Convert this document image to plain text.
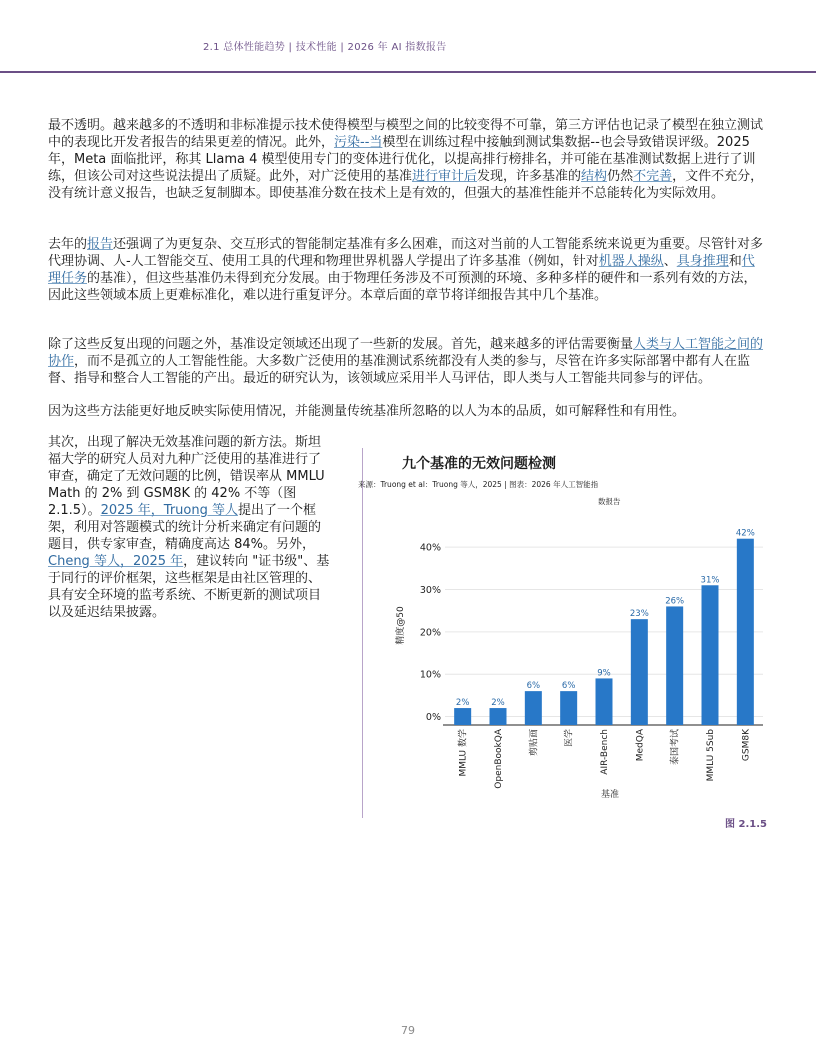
2.1 总体性能趋势 | 技术性能 | 2026 年 AI 指数报告

最不透明。越来越多的不透明和非标准提示技术使得模型与模型之间的比较变得不可靠，第三方评估也记录了模型在独立测试中的表现比开发者报告的结果更差的情况。此外，污染--当模型在训练过程中接触到测试集数据--也会导致错误评级。2025 年，Meta 面临批评，称其 Llama 4 模型使用专门的变体进行优化，以提高排行榜排名，并可能在基准测试数据上进行了训练，但该公司对这些说法提出了质疑。此外，对广泛使用的基准进行审计后发现，许多基准的结构仍然不完善，文件不充分，没有统计意义报告，也缺乏复制脚本。即使基准分数在技术上是有效的，但强大的基准性能并不总能转化为实际效用。

去年的报告还强调了为更复杂、交互形式的智能制定基准有多么困难，而这对当前的人工智能系统来说更为重要。尽管针对多代理协调、人-人工智能交互、使用工具的代理和物理世界机器人学提出了许多基准（例如，针对机器人操纵、具身推理和代理任务的基准），但这些基准仍未得到充分发展。由于物理任务涉及不可预测的环境、多种多样的硬件和一系列有效的方法，因此这些领域本质上更难标准化，难以进行重复评分。本章后面的章节将详细报告其中几个基准。

除了这些反复出现的问题之外，基准设定领域还出现了一些新的发展。首先，越来越多的评估需要衡量人类与人工智能之间的协作，而不是孤立的人工智能性能。大多数广泛使用的基准测试系统都没有人类的参与，尽管在许多实际部署中都有人在监督、指导和整合人工智能的产出。最近的研究认为，该领域应采用半人马评估，即人类与人工智能共同参与的评估。

因为这些方法能更好地反映实际使用情况，并能测量传统基准所忽略的以人为本的品质，如可解释性和有用性。

其次，出现了解决无效基准问题的新方法。斯坦福大学的研究人员对九种广泛使用的基准进行了审查，确定了无效问题的比例，错误率从 MMLU Math 的 2% 到 GSM8K 的 42% 不等（图 2.1.5）。2025 年，Truong 等人提出了一个框架，利用对答题模式的统计分析来确定有问题的题目，供专家审查，精确度高达 84%。另外，Cheng 等人，2025 年，建议转向 "证书级"、基于同行的评价框架，这些框架是由社区管理的、具有安全环境的监考系统、不断更新的测试项目以及延迟结果披露。

九个基准的无效问题检测
来源：Truong et al：Truong 等人，2025 | 图表：2026 年人工智能指
数报告
0%
10%
20%
30%
40%
精度@50
2%
MMLU 数学
2%
OpenBookQA
6%
剪贴画
6%
医学
9%
AIR-Bench
23%
MedQA
26%
泰国考试
31%
MMLU 5Sub
42%
GSM8K
基准
图 2.1.5
79
